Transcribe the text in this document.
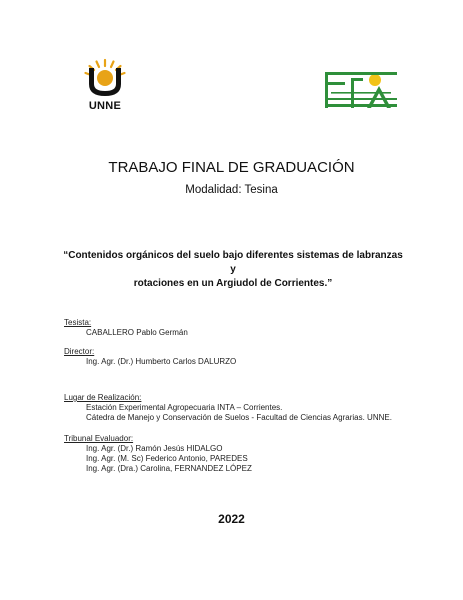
UNNE
TRABAJO FINAL DE GRADUACIÓN
Modalidad: Tesina
“Contenidos orgánicos del suelo bajo diferentes sistemas de labranzas y
rotaciones en un Argiudol de Corrientes.”
Tesista:
CABALLERO Pablo Germán
Director:
Ing. Agr. (Dr.) Humberto Carlos DALURZO
Lugar de Realización:
Estación Experimental Agropecuaria INTA – Corrientes.
Cátedra de Manejo y Conservación de Suelos - Facultad de Ciencias Agrarias. UNNE.
Tribunal Evaluador:
Ing. Agr. (Dr.) Ramón Jesús HIDALGO
Ing. Agr. (M. Sc) Federico Antonio, PAREDES
Ing. Agr. (Dra.) Carolina, FERNANDEZ LÓPEZ
2022
